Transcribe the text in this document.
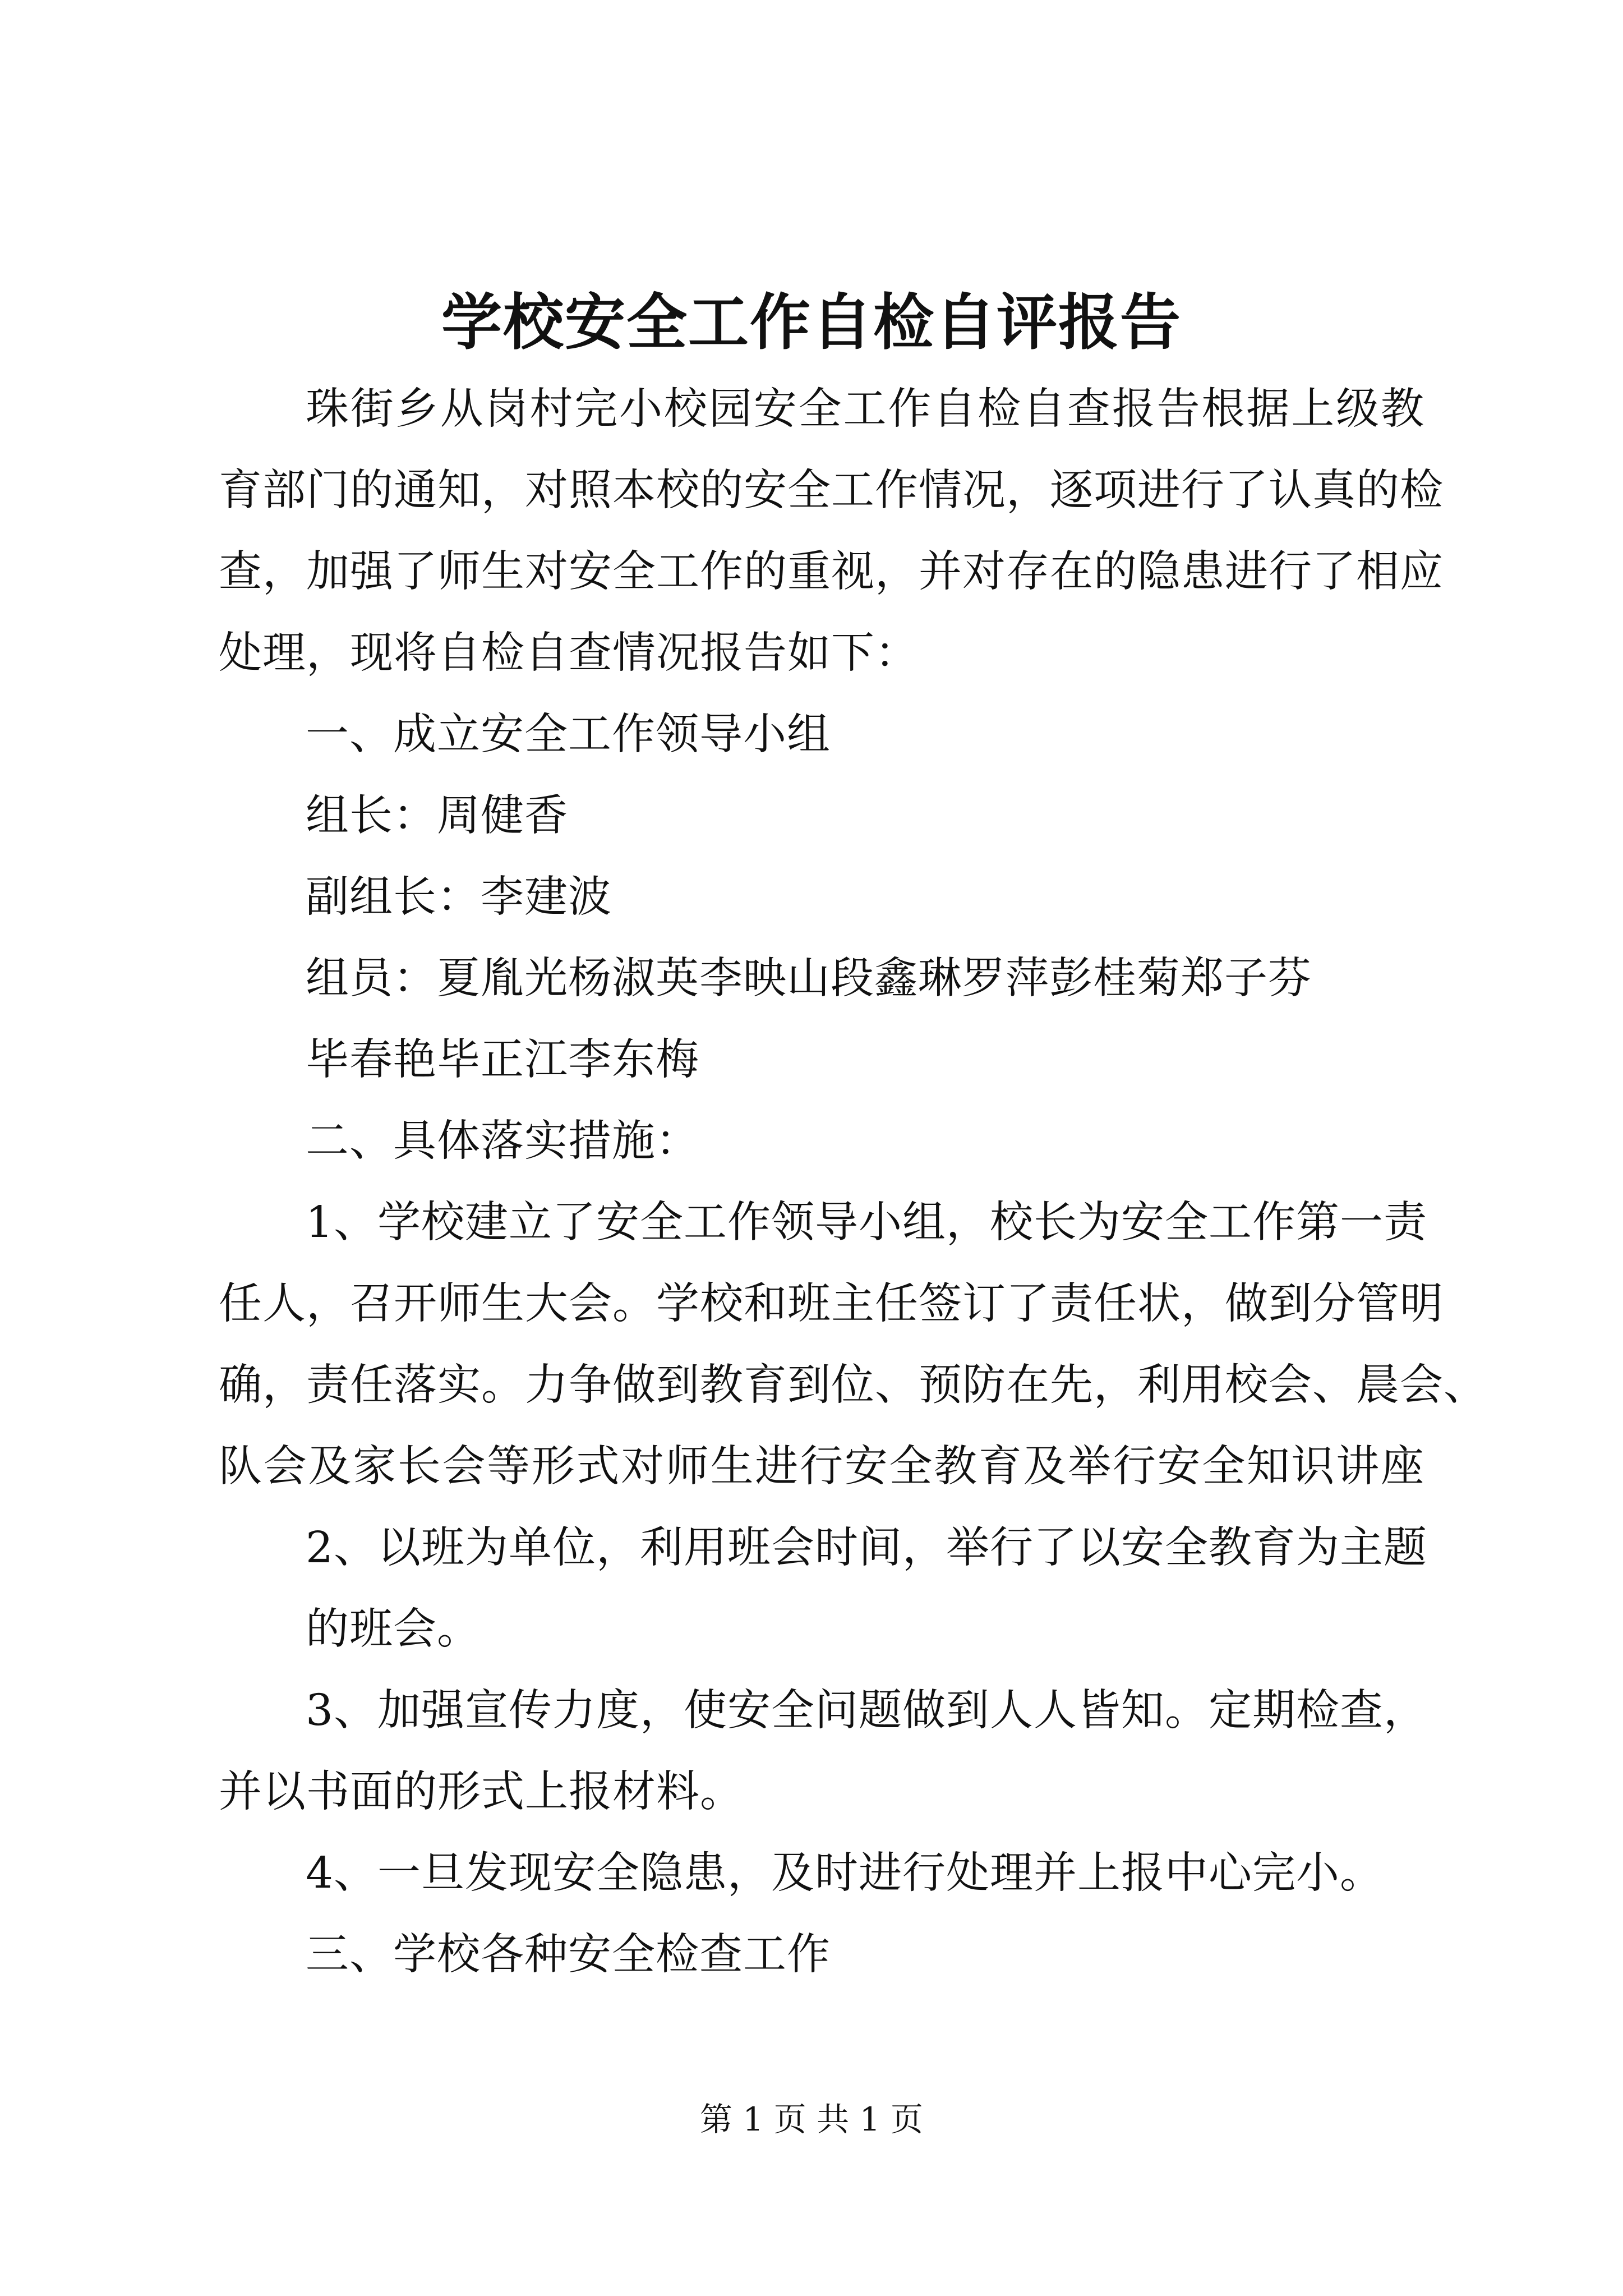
学校安全工作自检自评报告
珠街乡从岗村完小校园安全工作自检自查报告根据上级教
育部门的通知，对照本校的安全工作情况，逐项进行了认真的检
查，加强了师生对安全工作的重视，并对存在的隐患进行了相应
处理，现将自检自查情况报告如下：
一、成立安全工作领导小组
组长：周健香
副组长：李建波
组员：夏胤光杨淑英李映山段鑫琳罗萍彭桂菊郑子芬
毕春艳毕正江李东梅
二、具体落实措施：
1、学校建立了安全工作领导小组，校长为安全工作第一责
任人，召开师生大会。学校和班主任签订了责任状，做到分管明
确，责任落实。力争做到教育到位、预防在先，利用校会、晨会、
队会及家长会等形式对师生进行安全教育及举行安全知识讲座
2、以班为单位，利用班会时间，举行了以安全教育为主题
的班会。
3、加强宣传力度，使安全问题做到人人皆知。定期检查，
并以书面的形式上报材料。
4、一旦发现安全隐患，及时进行处理并上报中心完小。
三、学校各种安全检查工作
第 1 页 共 1 页
